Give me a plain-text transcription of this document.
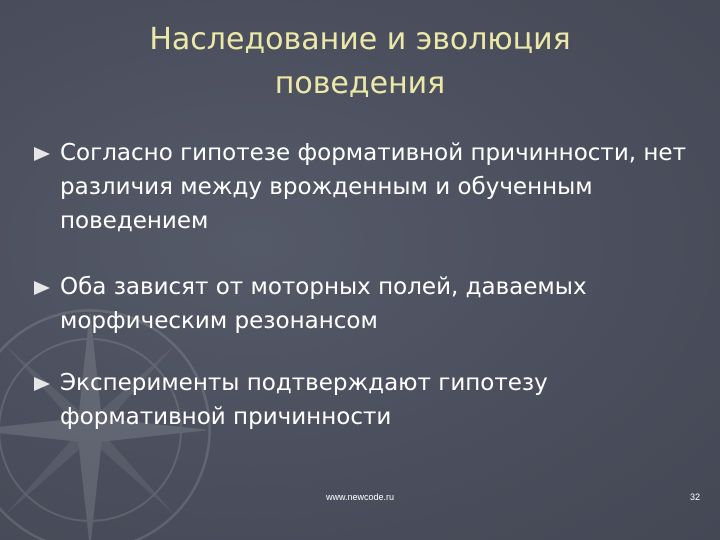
Наследование и эволюция
поведения
Согласно гипотезе формативной причинности, нет различия между врожденным и обученным поведением
Оба зависят от моторных полей, даваемых морфическим резонансом
Эксперименты подтверждают гипотезу формативной причинности
www.newcode.ru	32
